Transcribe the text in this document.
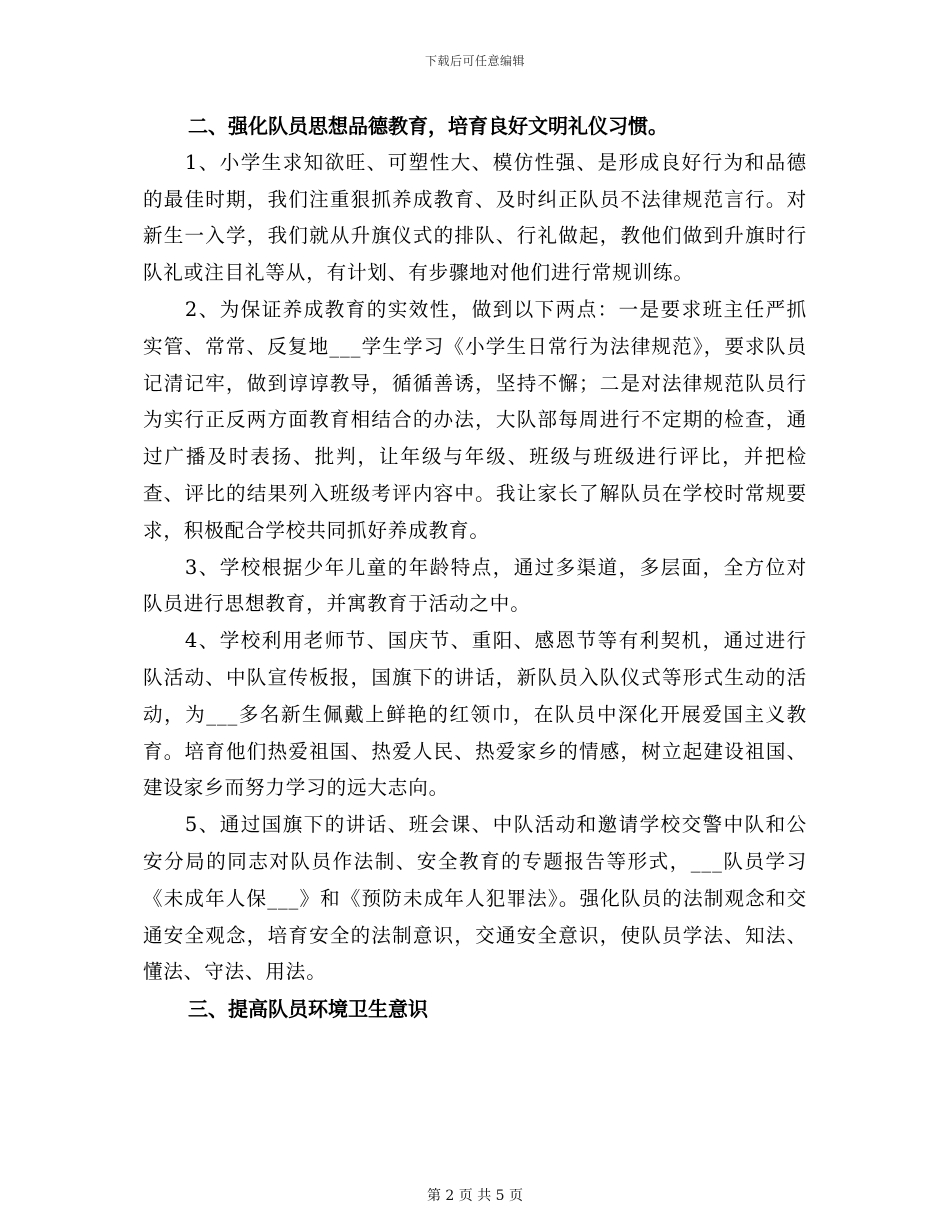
下载后可任意编辑

二、强化队员思想品德教育，培育良好文明礼仪习惯。

1、小学生求知欲旺、可塑性大、模仿性强、是形成良好行为和品德的最佳时期，我们注重狠抓养成教育、及时纠正队员不法律规范言行。对新生一入学，我们就从升旗仪式的排队、行礼做起，教他们做到升旗时行队礼或注目礼等从，有计划、有步骤地对他们进行常规训练。

2、为保证养成教育的实效性，做到以下两点：一是要求班主任严抓实管、常常、反复地___学生学习《小学生日常行为法律规范》，要求队员记清记牢，做到谆谆教导，循循善诱，坚持不懈；二是对法律规范队员行为实行正反两方面教育相结合的办法，大队部每周进行不定期的检查，通过广播及时表扬、批判，让年级与年级、班级与班级进行评比，并把检查、评比的结果列入班级考评内容中。我让家长了解队员在学校时常规要求，积极配合学校共同抓好养成教育。

3、学校根据少年儿童的年龄特点，通过多渠道，多层面，全方位对队员进行思想教育，并寓教育于活动之中。

4、学校利用老师节、国庆节、重阳、感恩节等有利契机，通过进行队活动、中队宣传板报，国旗下的讲话，新队员入队仪式等形式生动的活动，为___多名新生佩戴上鲜艳的红领巾，在队员中深化开展爱国主义教育。培育他们热爱祖国、热爱人民、热爱家乡的情感，树立起建设祖国、建设家乡而努力学习的远大志向。

5、通过国旗下的讲话、班会课、中队活动和邀请学校交警中队和公安分局的同志对队员作法制、安全教育的专题报告等形式，___队员学习《未成年人保___》和《预防未成年人犯罪法》。强化队员的法制观念和交通安全观念，培育安全的法制意识，交通安全意识，使队员学法、知法、懂法、守法、用法。

三、提高队员环境卫生意识

第 2 页 共 5 页
